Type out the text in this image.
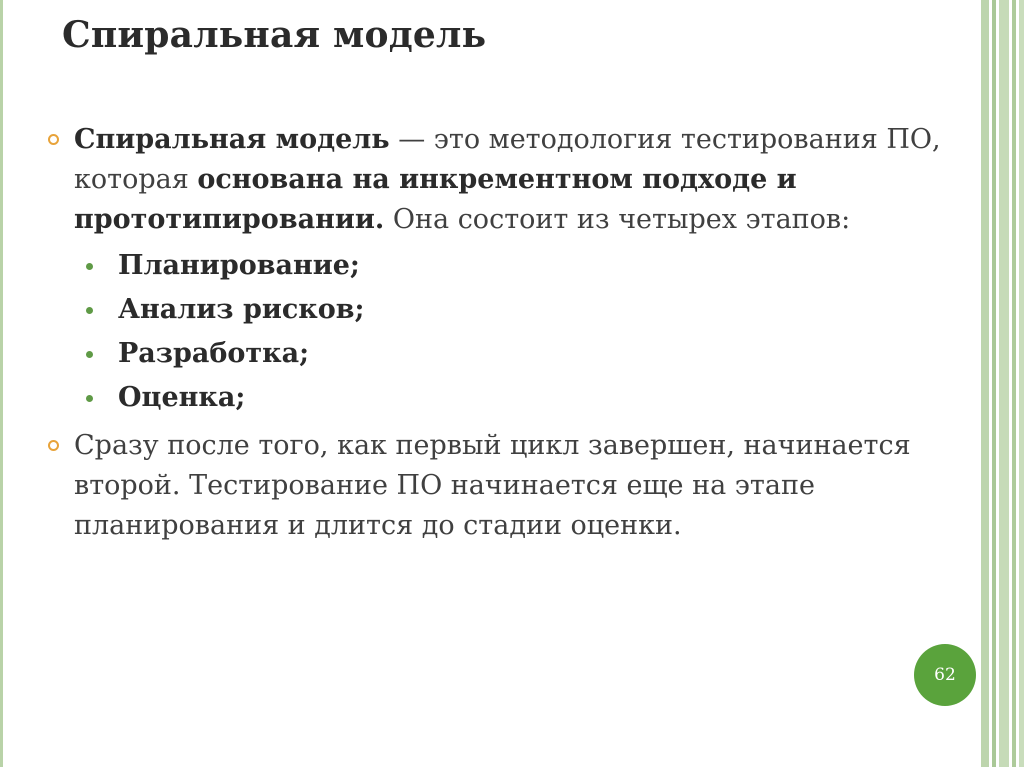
Спиральная модель
Спиральная модель — это методология тестирования ПО, которая основана на инкрементном подходе и прототипировании. Она состоит из четырех этапов:
Планирование;
Анализ рисков;
Разработка;
Оценка;
Сразу после того, как первый цикл завершен, начинается второй. Тестирование ПО начинается еще на этапе планирования и длится до стадии оценки.
62
